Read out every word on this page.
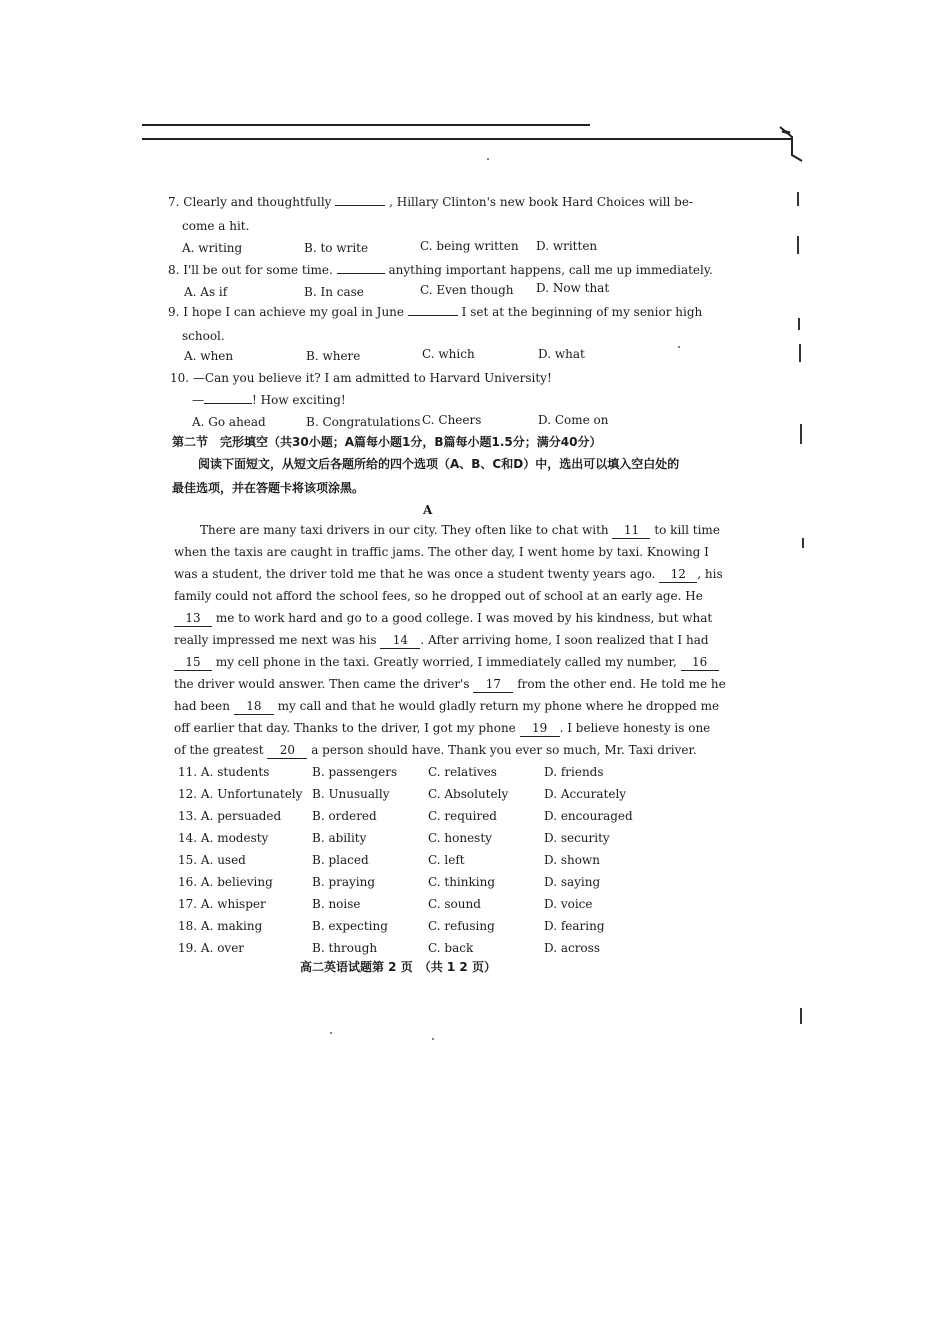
7. Clearly and thoughtfully	, Hillary Clinton's new book Hard Choices will be-
come a hit.
A. writing	B. to write	C. being written D. written
8. I'll be out for some time.	anything important happens, call me up immediately.
A. As if	B. In case	C. Even though D. Now that
9. I hope I can achieve my goal in June	I set at the beginning of my senior high
school.
A. when	B. where	C. which	D. what
10. —Can you believe it? I am admitted to Harvard University!
—	! How exciting!
A. Go ahead	B. Congratulations C. Cheers	D. Come on
第二节　完形填空（共30小题；A篇每小题1分，B篇每小题1.5分；满分40分）
阅读下面短文，从短文后各题所给的四个选项（A、B、C和D）中，选出可以填入空白处的
最佳选项，并在答题卡将该项涂黑。
A
There are many taxi drivers in our city. They often like to chat with 11 to kill time
when the taxis are caught in traffic jams. The other day, I went home by taxi. Knowing I
was a student, the driver told me that he was once a student twenty years ago. 12 , his
family could not afford the school fees, so he dropped out of school at an early age. He
13 me to work hard and go to a good college. I was moved by his kindness, but what
really impressed me next was his 14 . After arriving home, I soon realized that I had
15 my cell phone in the taxi. Greatly worried, I immediately called my number, 16
the driver would answer. Then came the driver's 17 from the other end. He told me he
had been 18 my call and that he would gladly return my phone where he dropped me
off earlier that day. Thanks to the driver, I got my phone 19 . I believe honesty is one
of the greatest 20 a person should have. Thank you ever so much, Mr. Taxi driver.
11. A. students	B. passengers	C. relatives	D. friends
12. A. Unfortunately B. Unusually	C. Absolutely	D. Accurately
13. A. persuaded	B. ordered	C. required	D. encouraged
14. A. modesty	B. ability	C. honesty	D. security
15. A. used	B. placed	C. left	D. shown
16. A. believing	B. praying	C. thinking	D. saying
17. A. whisper	B. noise	C. sound	D. voice
18. A. making	B. expecting	C. refusing	D. fearing
19. A. over	B. through	C. back	D. across
高二英语试题第 2 页　（共 1 2 页）
